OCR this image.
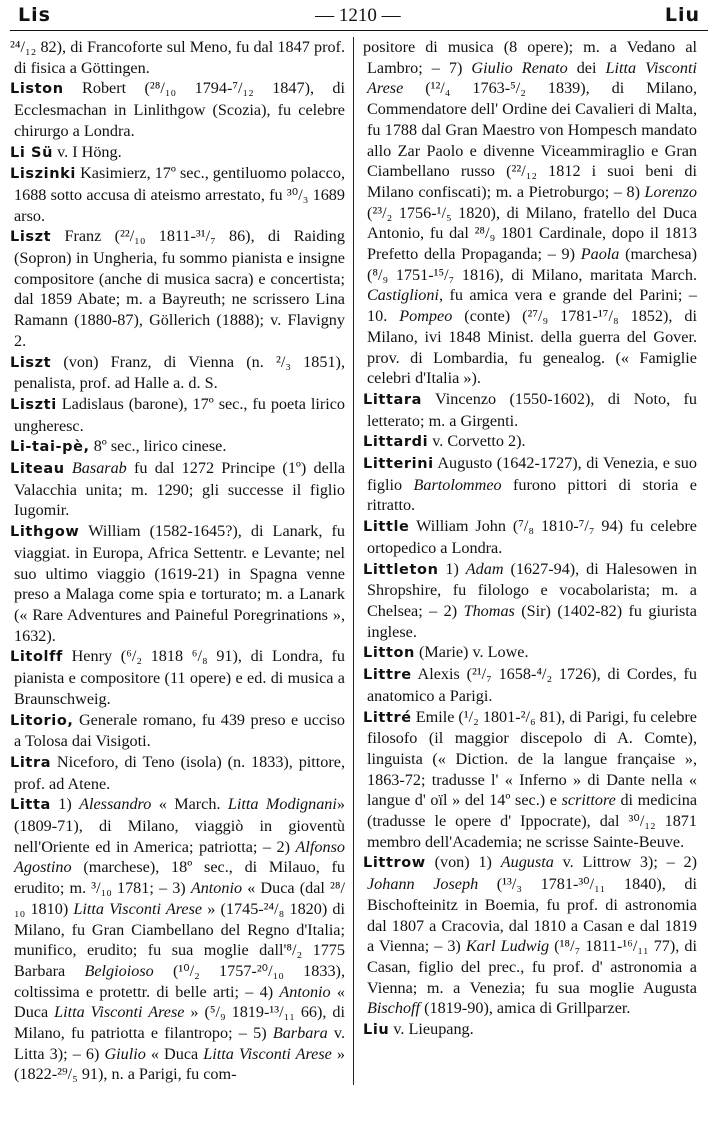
Lis	— 1210 —	Liu

²⁴/₁₂ 82), di Francoforte sul Meno, fu dal 1847 prof. di fisica a Göttingen.

Liston Robert (²⁸/₁₀ 1794-⁷/₁₂ 1847), di Ecclesmachan in Linlithgow (Scozia), fu celebre chirurgo a Londra.

Li Sü v. I Höng.

Liszinki Kasimierz, 17º sec., gentiluomo polacco, 1688 sotto accusa di ateismo arrestato, fu ³⁰/₃ 1689 arso.

Liszt Franz (²²/₁₀ 1811-³¹/₇ 86), di Raiding (Sopron) in Ungheria, fu sommo pianista e insigne compositore (anche di musica sacra) e concertista; dal 1859 Abate; m. a Bayreuth; ne scrissero Lina Ramann (1880-87), Göllerich (1888); v. Flavigny 2.

Liszt (von) Franz, di Vienna (n. ²/₃ 1851), penalista, prof. ad Halle a. d. S.

Liszti Ladislaus (barone), 17º sec., fu poeta lirico ungheresc.

Li-tai-pè, 8º sec., lirico cinese.

Liteau Basarab fu dal 1272 Principe (1º) della Valacchia unita; m. 1290; gli successe il figlio Iugomir.

Lithgow William (1582-1645?), di Lanark, fu viaggiat. in Europa, Africa Settentr. e Levante; nel suo ultimo viaggio (1619-21) in Spagna venne preso a Malaga come spia e torturato; m. a Lanark (« Rare Adventures and Paineful Poregrinations », 1632).

Litolff Henry (⁶/₂ 1818 ⁶/₈ 91), di Londra, fu pianista e compositore (11 opere) e ed. di musica a Braunschweig.

Litorio, Generale romano, fu 439 preso e ucciso a Tolosa dai Visigoti.

Litra Niceforo, di Teno (isola) (n. 1833), pittore, prof. ad Atene.

Litta 1) Alessandro « March. Litta Modignani» (1809-71), di Milano, viaggiò in gioventù nell'Oriente ed in America; patriotta; – 2) Alfonso Agostino (marchese), 18º sec., di Milauo, fu erudito; m. ³/₁₀ 1781; – 3) Antonio « Duca (dal ²⁸/₁₀ 1810) Litta Visconti Arese » (1745-²⁴/₈ 1820) di Milano, fu Gran Ciambellano del Regno d'Italia; munifico, erudito; fu sua moglie dall'⁸/₂ 1775 Barbara Belgioioso (¹⁰/₂ 1757-²⁰/₁₀ 1833), coltissima e protettr. di belle arti; – 4) Antonio « Duca Litta Visconti Arese » (⁵/₉ 1819-¹³/₁₁ 66), di Milano, fu patriotta e filantropo; – 5) Barbara v. Litta 3); – 6) Giulio « Duca Litta Visconti Arese » (1822-²⁹/₅ 91), n. a Parigi, fu com-

positore di musica (8 opere); m. a Vedano al Lambro; – 7) Giulio Renato dei Litta Visconti Arese (¹²/₄ 1763-⁵/₂ 1839), di Milano, Commendatore dell' Ordine dei Cavalieri di Malta, fu 1788 dal Gran Maestro von Hompesch mandato allo Zar Paolo e divenne Viceammiraglio e Gran Ciambellano russo (²²/₁₂ 1812 i suoi beni di Milano confiscati); m. a Pietroburgo; – 8) Lorenzo (²³/₂ 1756-¹/₅ 1820), di Milano, fratello del Duca Antonio, fu dal ²⁸/₉ 1801 Cardinale, dopo il 1813 Prefetto della Propaganda; – 9) Paola (marchesa) (⁸/₉ 1751-¹⁵/₇ 1816), di Milano, maritata March. Castiglioni, fu amica vera e grande del Parini; – 10. Pompeo (conte) (²⁷/₉ 1781-¹⁷/₈ 1852), di Milano, ivi 1848 Minist. della guerra del Gover. prov. di Lombardia, fu genealog. (« Famiglie celebri d'Italia »).

Littara Vincenzo (1550-1602), di Noto, fu letterato; m. a Girgenti.

Littardi v. Corvetto 2).

Litterini Augusto (1642-1727), di Venezia, e suo figlio Bartolommeo furono pittori di storia e ritratto.

Little William John (⁷/₈ 1810-⁷/₇ 94) fu celebre ortopedico a Londra.

Littleton 1) Adam (1627-94), di Halesowen in Shropshire, fu filologo e vocabolarista; m. a Chelsea; – 2) Thomas (Sir) (1402-82) fu giurista inglese.

Litton (Marie) v. Lowe.

Littre Alexis (²¹/₇ 1658-⁴/₂ 1726), di Cordes, fu anatomico a Parigi.

Littré Emile (¹/₂ 1801-²/₆ 81), di Parigi, fu celebre filosofo (il maggior discepolo di A. Comte), linguista (« Diction. de la langue française », 1863-72; tradusse l' « Inferno » di Dante nella « langue d' oïl » del 14º sec.) e scrittore di medicina (tradusse le opere d' Ippocrate), dal ³⁰/₁₂ 1871 membro dell'Academia; ne scrisse Sainte-Beuve.

Littrow (von) 1) Augusta v. Littrow 3); – 2) Johann Joseph (¹³/₃ 1781-³⁰/₁₁ 1840), di Bischofteinitz in Boemia, fu prof. di astronomia dal 1807 a Cracovia, dal 1810 a Casan e dal 1819 a Vienna; – 3) Karl Ludwig (¹⁸/₇ 1811-¹⁶/₁₁ 77), di Casan, figlio del prec., fu prof. d' astronomia a Vienna; m. a Venezia; fu sua moglie Augusta Bischoff (1819-90), amica di Grillparzer.

Liu v. Lieupang.
